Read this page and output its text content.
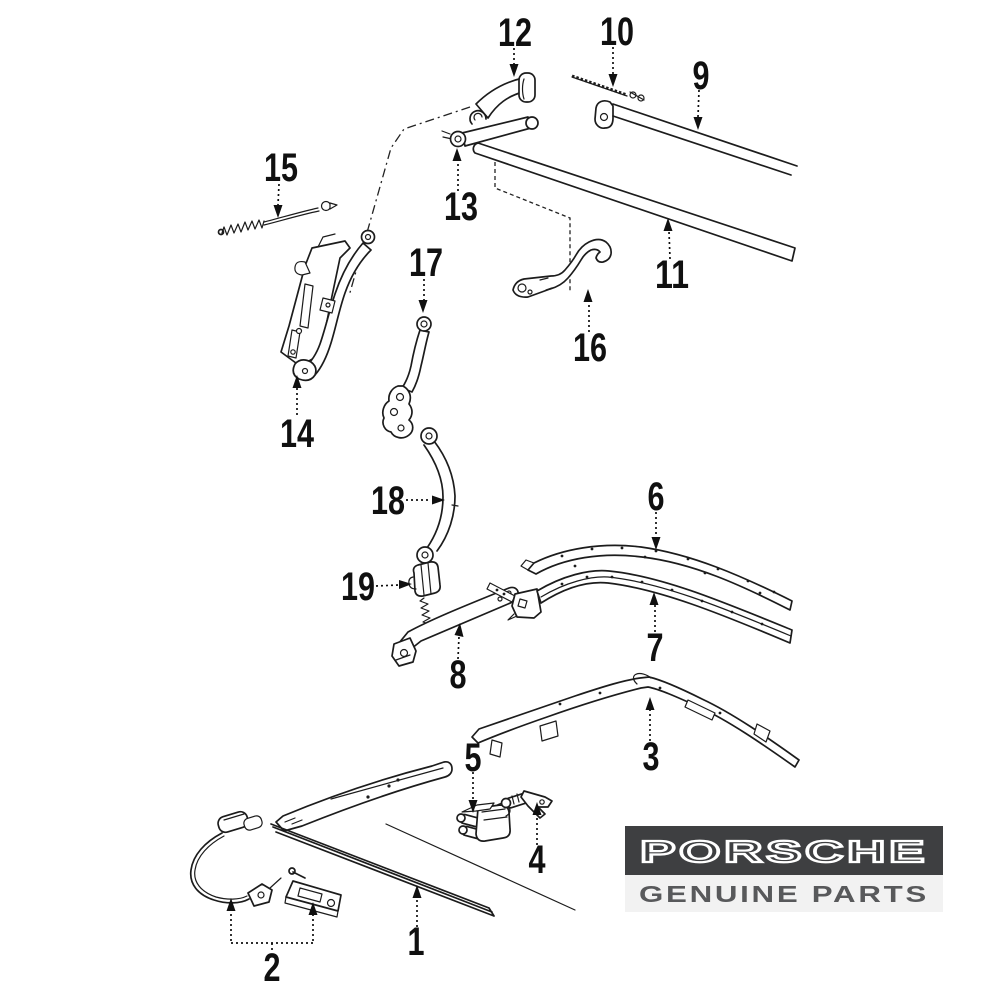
1
2
3
4
5
6
7
8
9
10
11
12
13
14
15
16
17
18
19
PORSCHE
GENUINE PARTS
